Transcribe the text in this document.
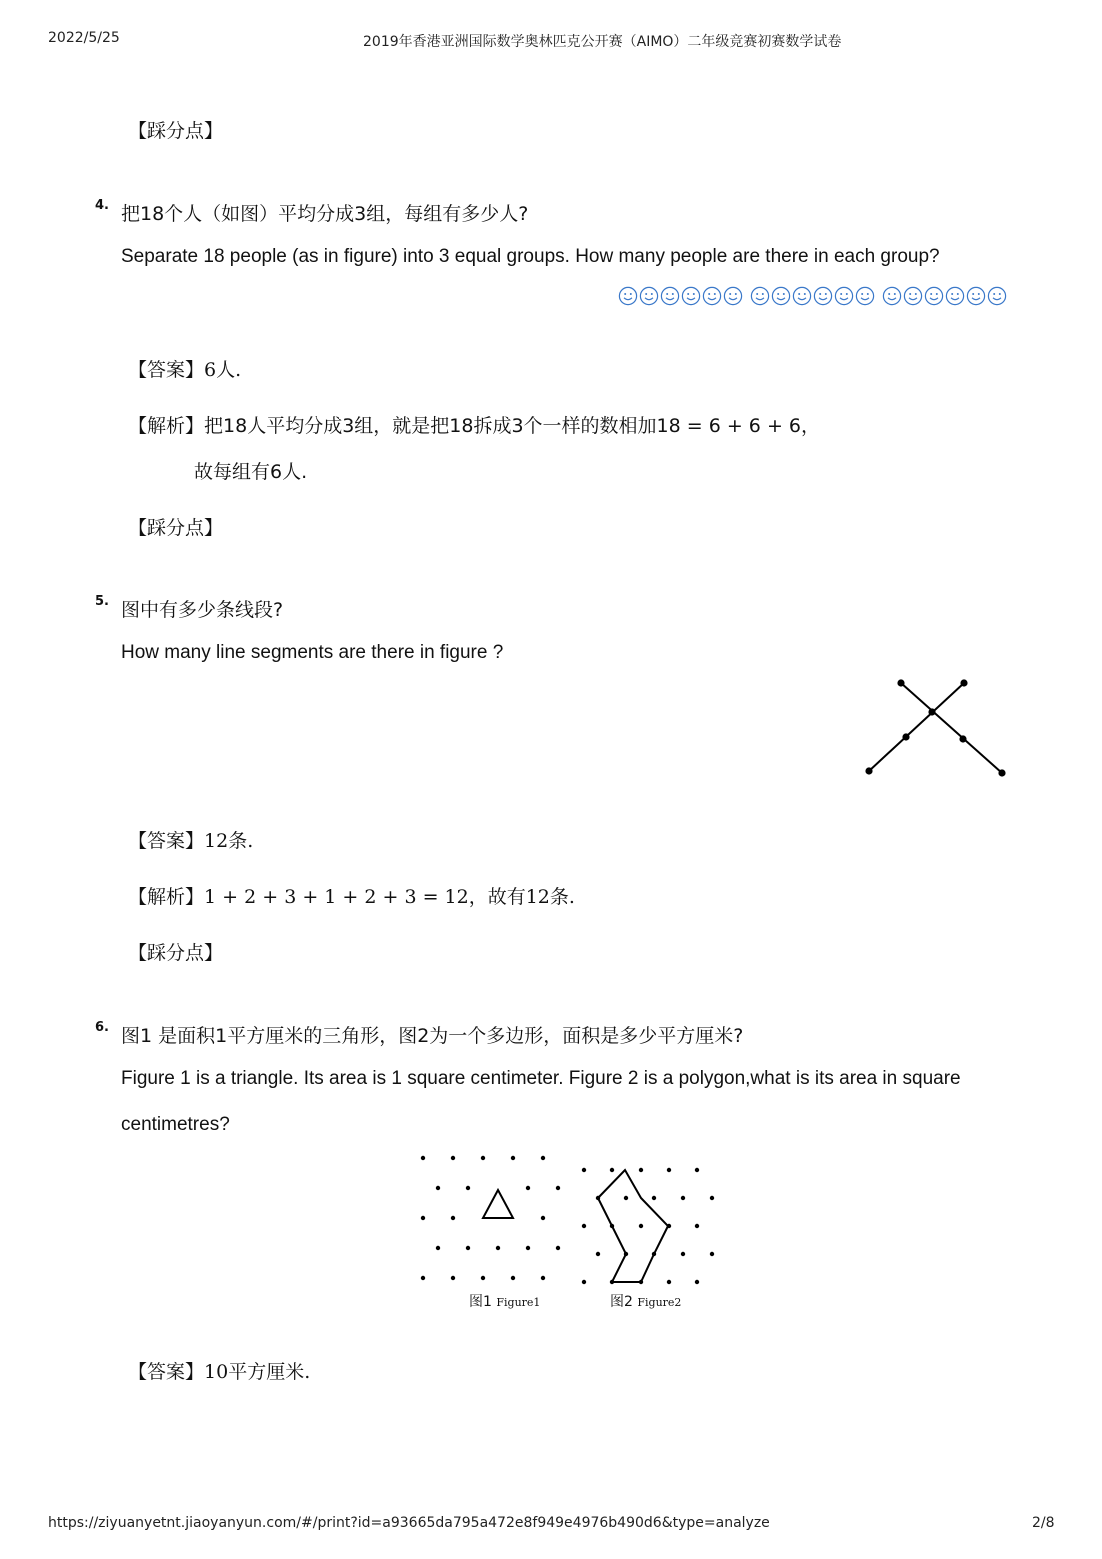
2022/5/25	2019年香港亚洲国际数学奥林匹克公开赛（AIMO）二年级竞赛初赛数学试卷
【踩分点】
4. 把18个人（如图）平均分成3组，每组有多少人?
Separate 18 people (as in figure) into 3 equal groups. How many people are there in each group?
【答案】6人.
【解析】把18人平均分成3组，就是把18拆成3个一样的数相加18 = 6 + 6 + 6，
故每组有6人.
【踩分点】
5. 图中有多少条线段?
How many line segments are there in figure ?
【答案】12条.
【解析】1 + 2 + 3 + 1 + 2 + 3 = 12，故有12条.
【踩分点】
6. 图1 是面积1平方厘米的三角形，图2为一个多边形，面积是多少平方厘米?
Figure 1 is a triangle. Its area is 1 square centimeter. Figure 2 is a polygon,what is its area in square
centimetres?
图1 Figure1	图2 Figure2
【答案】10平方厘米.
https://ziyuanyetnt.jiaoyanyun.com/#/print?id=a93665da795a472e8f949e4976b490d6&type=analyze	2/8
